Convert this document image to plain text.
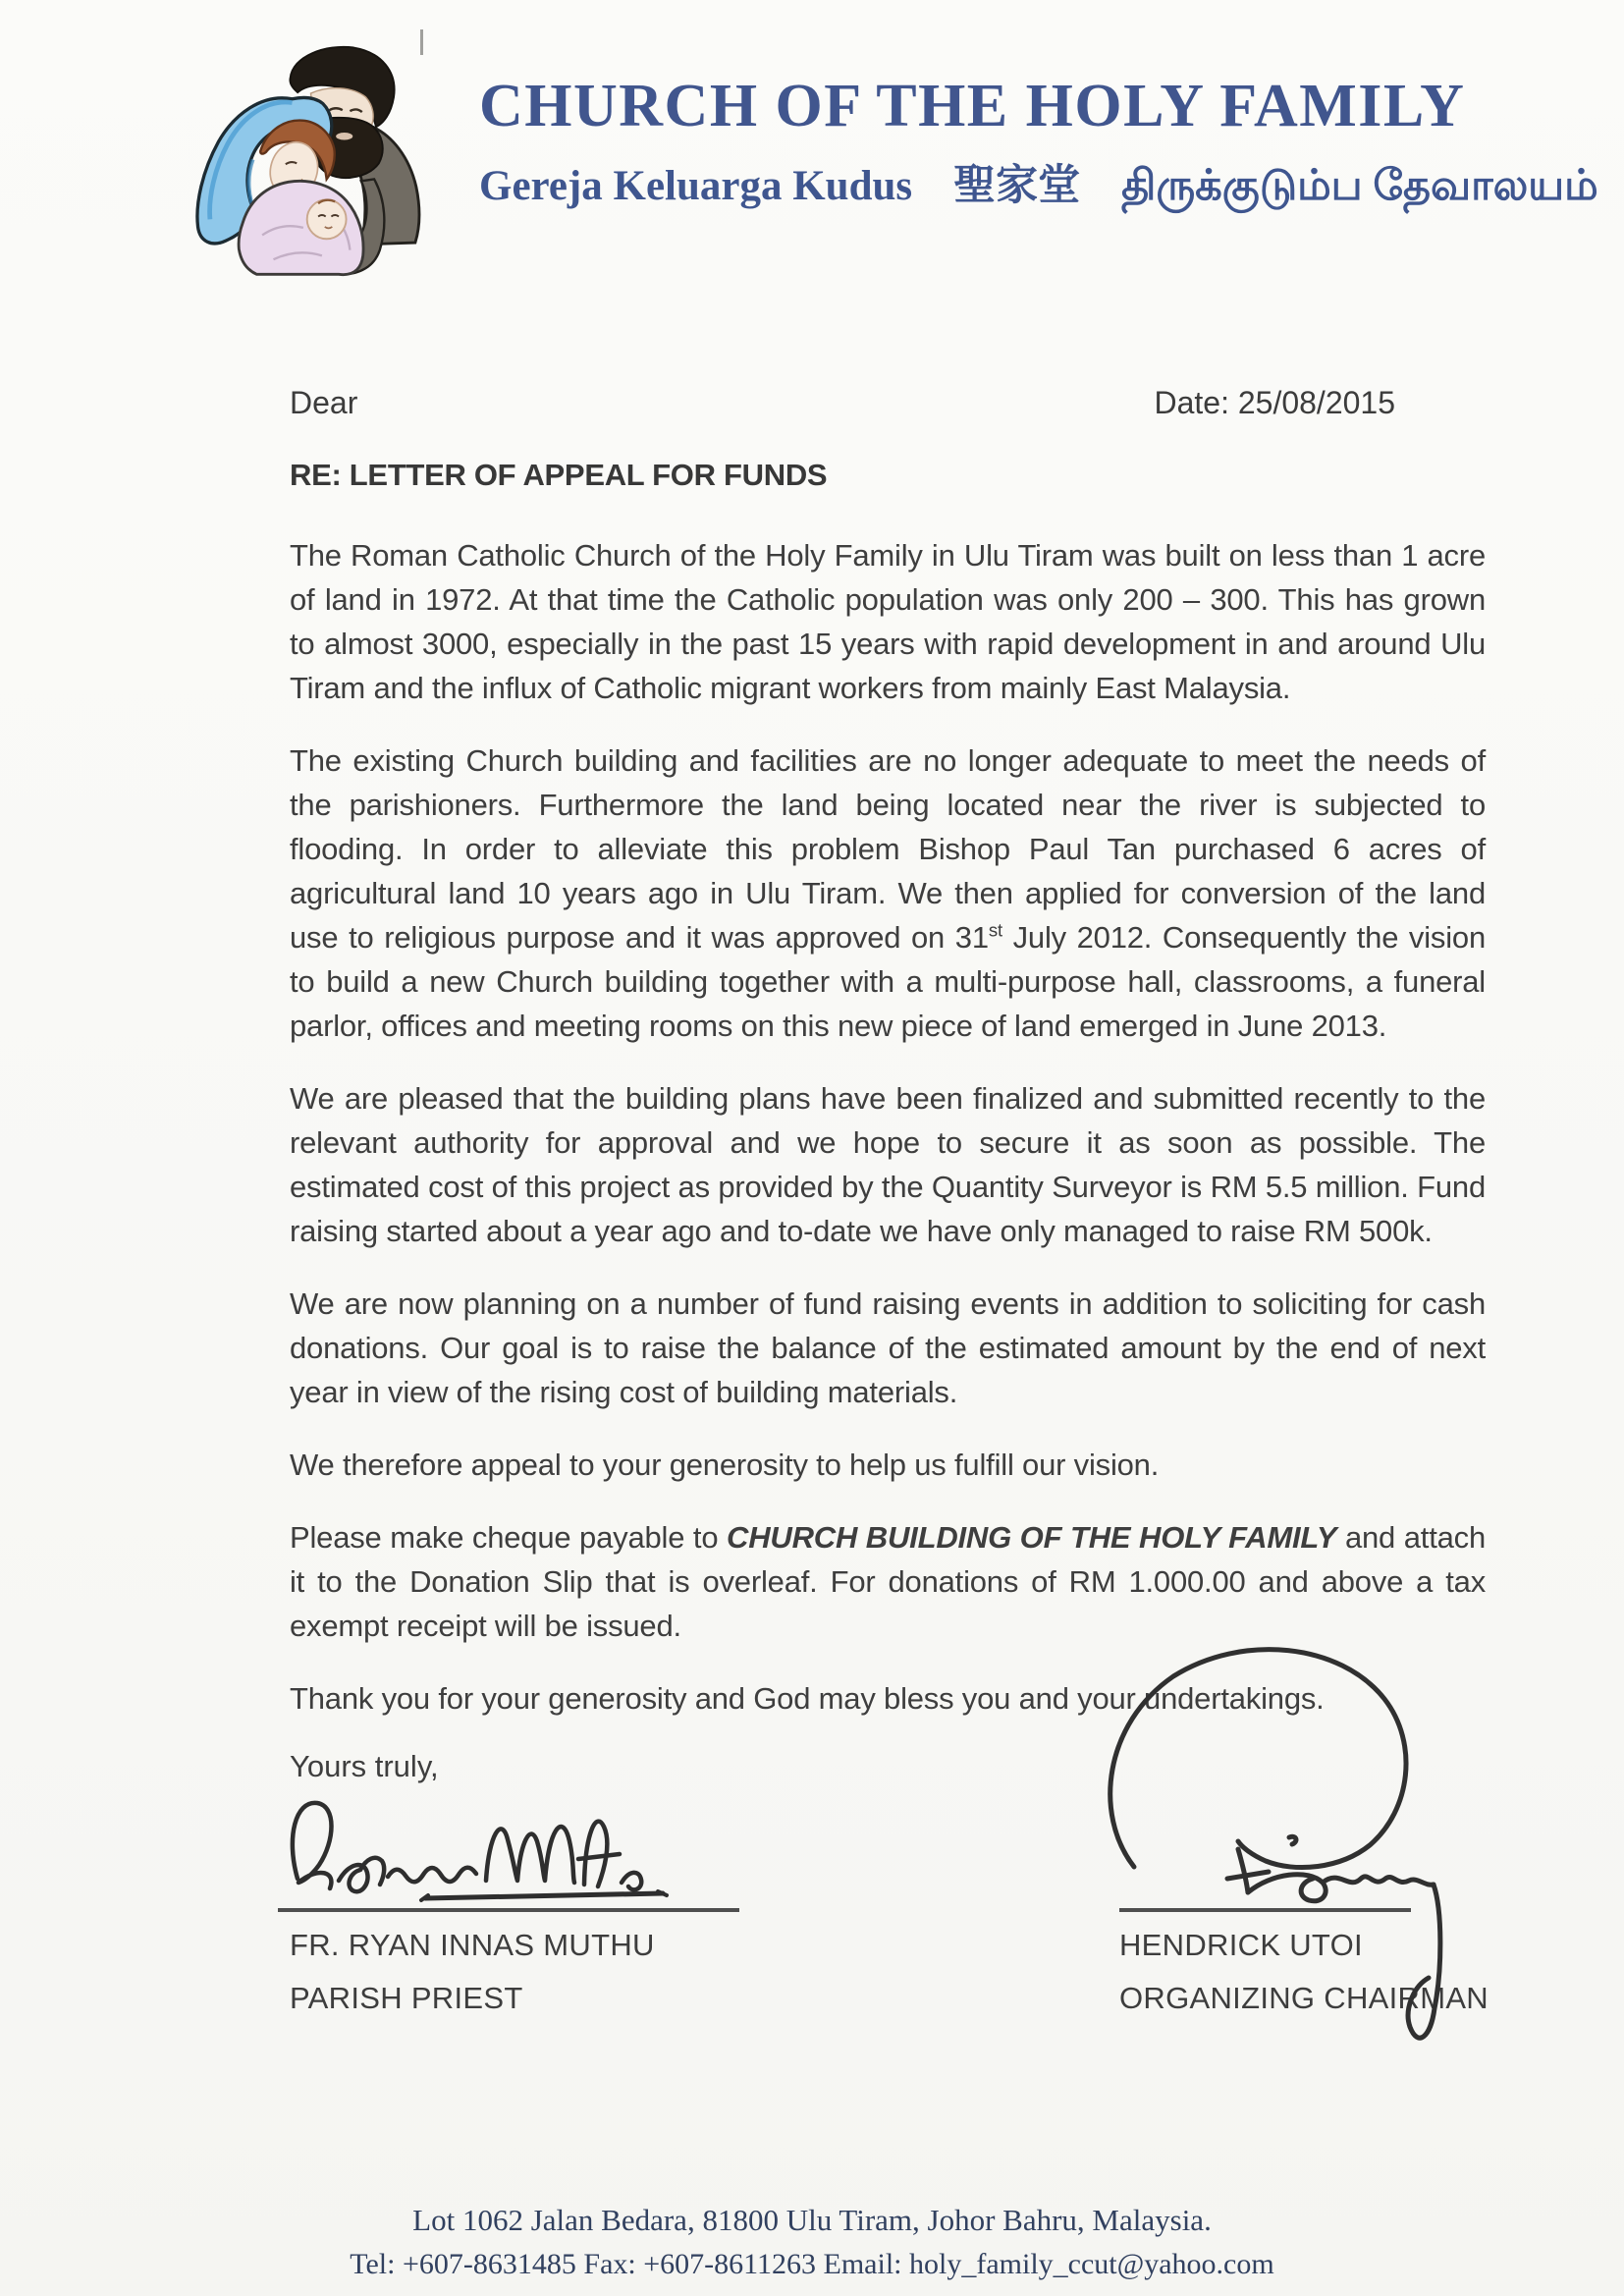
CHURCH OF THE HOLY FAMILY
Gereja Keluarga Kudus 聖家堂 திருக்குடும்ப தேவாலயம்
Dear	Date: 25/08/2015
RE: LETTER OF APPEAL FOR FUNDS

The Roman Catholic Church of the Holy Family in Ulu Tiram was built on less than 1 acre of land in 1972. At that time the Catholic population was only 200 – 300. This has grown to almost 3000, especially in the past 15 years with rapid development in and around Ulu Tiram and the influx of Catholic migrant workers from mainly East Malaysia.

The existing Church building and facilities are no longer adequate to meet the needs of the parishioners. Furthermore the land being located near the river is subjected to flooding. In order to alleviate this problem Bishop Paul Tan purchased 6 acres of agricultural land 10 years ago in Ulu Tiram. We then applied for conversion of the land use to religious purpose and it was approved on 31st July 2012. Consequently the vision to build a new Church building together with a multi-purpose hall, classrooms, a funeral parlor, offices and meeting rooms on this new piece of land emerged in June 2013.

We are pleased that the building plans have been finalized and submitted recently to the relevant authority for approval and we hope to secure it as soon as possible. The estimated cost of this project as provided by the Quantity Surveyor is RM 5.5 million. Fund raising started about a year ago and to-date we have only managed to raise RM 500k.

We are now planning on a number of fund raising events in addition to soliciting for cash donations. Our goal is to raise the balance of the estimated amount by the end of next year in view of the rising cost of building materials.

We therefore appeal to your generosity to help us fulfill our vision.

Please make cheque payable to CHURCH BUILDING OF THE HOLY FAMILY and attach it to the Donation Slip that is overleaf. For donations of RM 1.000.00 and above a tax exempt receipt will be issued.

Thank you for your generosity and God may bless you and your undertakings.

Yours truly,
FR. RYAN INNAS MUTHU
PARISH PRIEST
HENDRICK UTOI
ORGANIZING CHAIRMAN
Lot 1062 Jalan Bedara, 81800 Ulu Tiram, Johor Bahru, Malaysia.
Tel: +607-8631485 Fax: +607-8611263 Email: holy_family_ccut@yahoo.com
